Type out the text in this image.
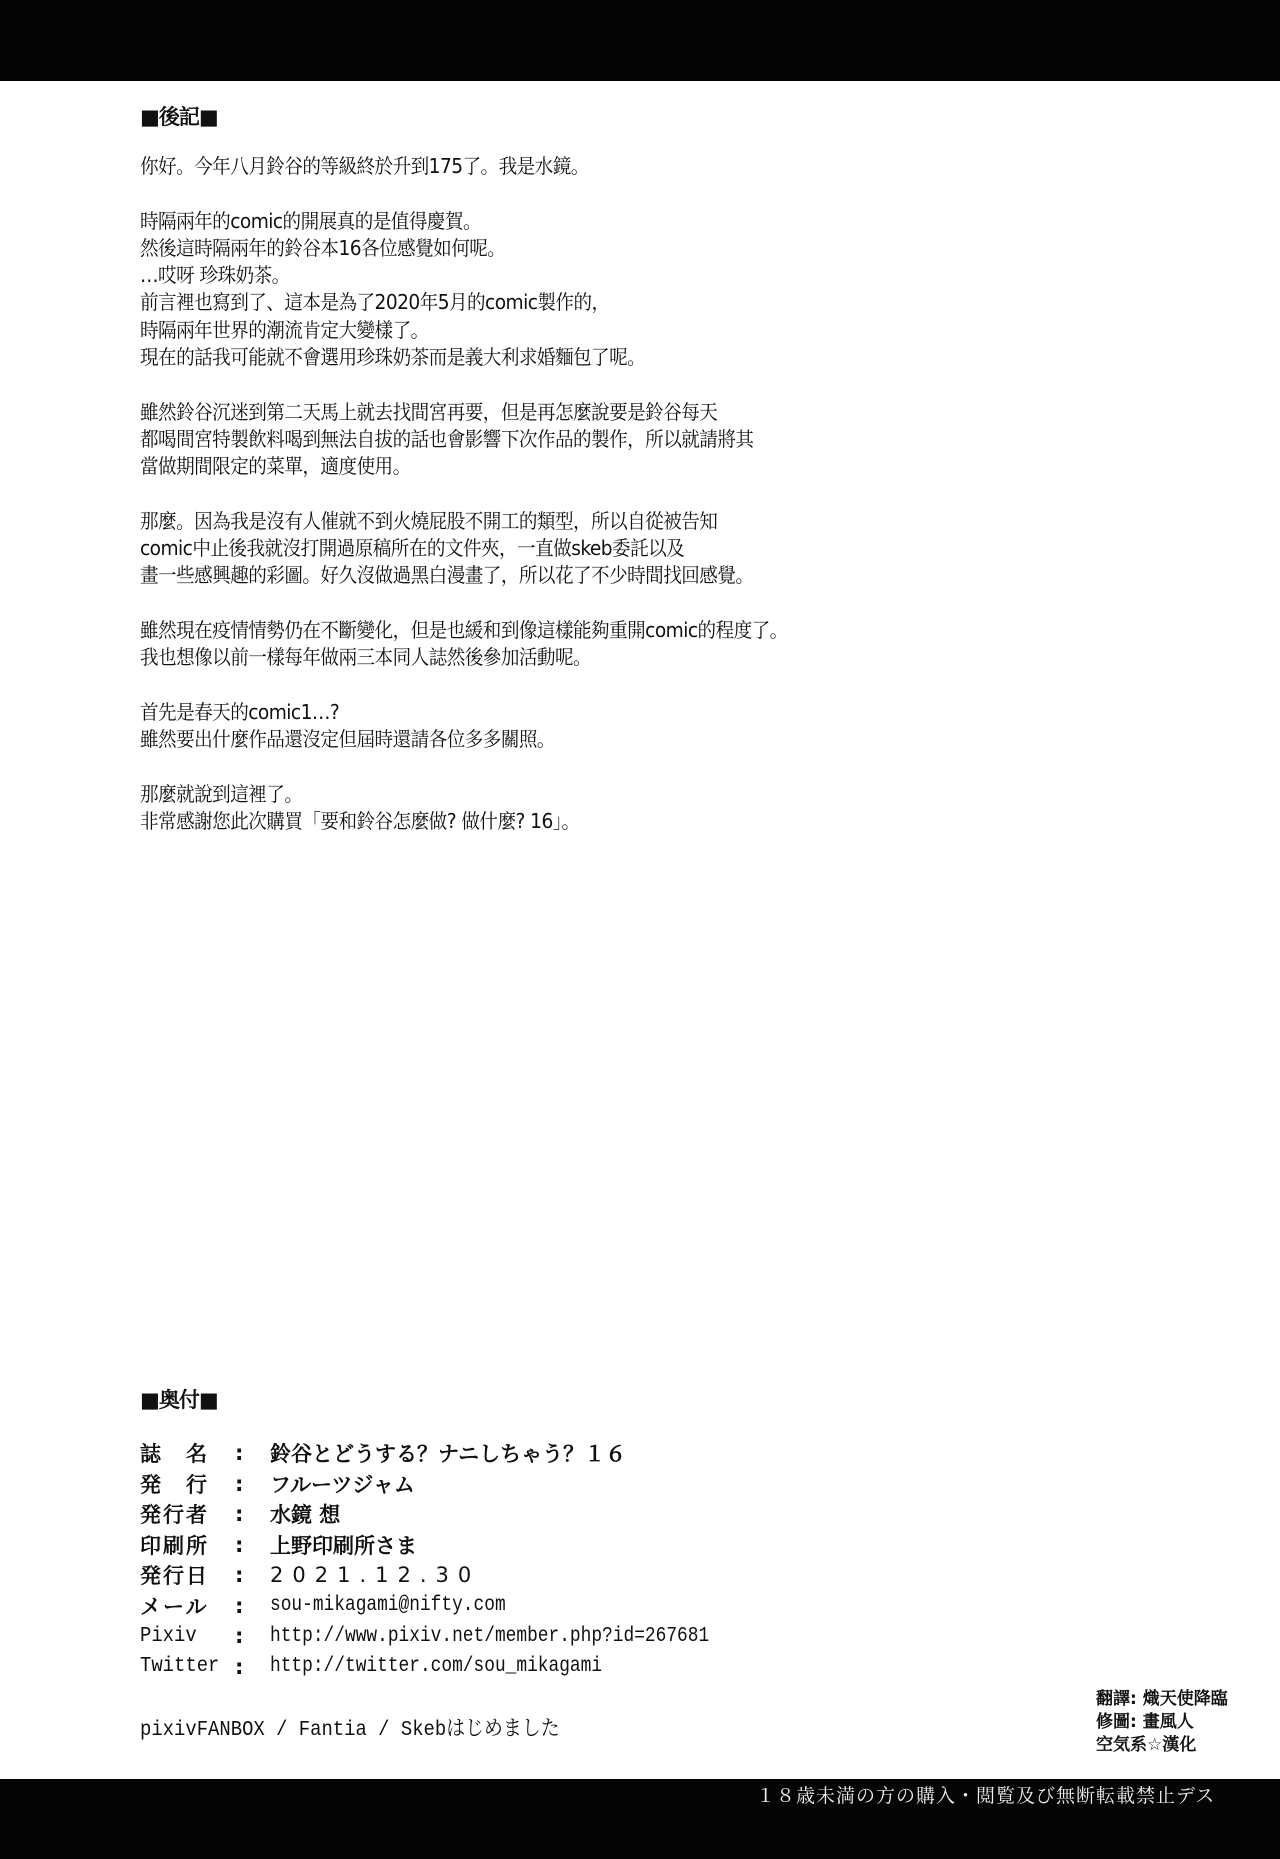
■後記■
你好。今年八月鈴谷的等級終於升到175了。我是水鏡。
時隔兩年的comic的開展真的是值得慶賀。
然後這時隔兩年的鈴谷本16各位感覺如何呢。
…哎呀 珍珠奶茶。
前言裡也寫到了、這本是為了2020年5月的comic製作的，
時隔兩年世界的潮流肯定大變樣了。
現在的話我可能就不會選用珍珠奶茶而是義大利求婚麵包了呢。
雖然鈴谷沉迷到第二天馬上就去找間宮再要，但是再怎麼說要是鈴谷每天
都喝間宮特製飲料喝到無法自拔的話也會影響下次作品的製作，所以就請將其
當做期間限定的菜單，適度使用。
那麼。因為我是沒有人催就不到火燒屁股不開工的類型，所以自從被告知
comic中止後我就沒打開過原稿所在的文件夾，一直做skeb委託以及
畫一些感興趣的彩圖。好久沒做過黑白漫畫了，所以花了不少時間找回感覺。
雖然現在疫情情勢仍在不斷變化，但是也緩和到像這樣能夠重開comic的程度了。
我也想像以前一樣每年做兩三本同人誌然後參加活動呢。
首先是春天的comic1…?
雖然要出什麼作品還沒定但屆時還請各位多多關照。
那麼就說到這裡了。
非常感謝您此次購買「要和鈴谷怎麼做? 做什麼? 16」。
■奥付■
誌　名	:	鈴谷とどうする？ナニしちゃう？１６
発　行	:	フルーツジャム
発行者	:	水鏡 想
印刷所	:	上野印刷所さま
発行日	:	2021.12.30
メール	:	sou-mikagami@nifty.com
Pixiv	:	http://www.pixiv.net/member.php?id=267681
Twitter :	http://twitter.com/sou_mikagami
pixivFANBOX / Fantia / Skebはじめました
翻譯: 熾天使降臨
修圖: 畫風人
空気系☆漢化
１８歳未満の方の購入・閲覧及び無断転載禁止デス
